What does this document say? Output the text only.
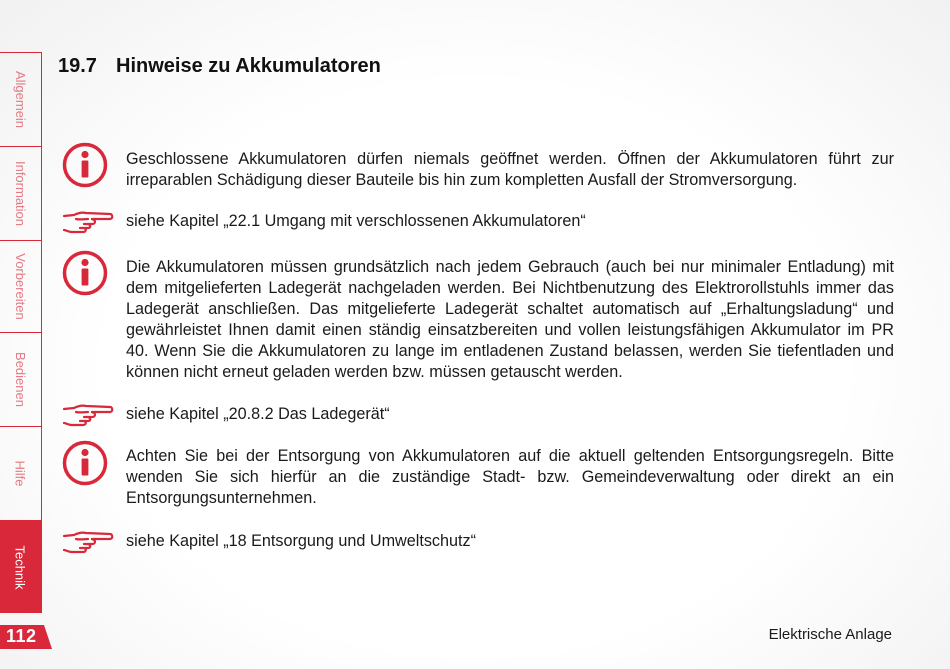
Allgemein
Information
Vorbereiten
Bedienen
Hilfe
Technik
19.7 Hinweise zu Akkumulatoren
Geschlossene Akkumulatoren dürfen niemals geöffnet werden. Öffnen der Akkumulatoren führt zur irreparablen Schädigung dieser Bauteile bis hin zum kompletten Ausfall der Stromversorgung.
siehe Kapitel „22.1 Umgang mit verschlossenen Akkumulatoren“
Die Akkumulatoren müssen grundsätzlich nach jedem Gebrauch (auch bei nur minimaler Entladung) mit dem mitgelieferten Ladegerät nachgeladen werden. Bei Nichtbenutzung des Elektrorollstuhls immer das Ladegerät anschließen. Das mitgelieferte Ladegerät schaltet automatisch auf „Erhaltungsladung“ und gewährleistet Ihnen damit einen ständig einsatzbereiten und vollen leistungsfähigen Akkumulator im PR 40. Wenn Sie die Akkumulatoren zu lange im entladenen Zustand belassen, werden Sie tiefentladen und können nicht erneut geladen werden bzw. müssen getauscht werden.
siehe Kapitel „20.8.2 Das Ladegerät“
Achten Sie bei der Entsorgung von Akkumulatoren auf die aktuell geltenden Entsorgungsregeln. Bitte wenden Sie sich hierfür an die zuständige Stadt- bzw. Gemeindeverwaltung oder direkt an ein Entsorgungsunternehmen.
siehe Kapitel „18 Entsorgung und Umweltschutz“
112	Elektrische Anlage
